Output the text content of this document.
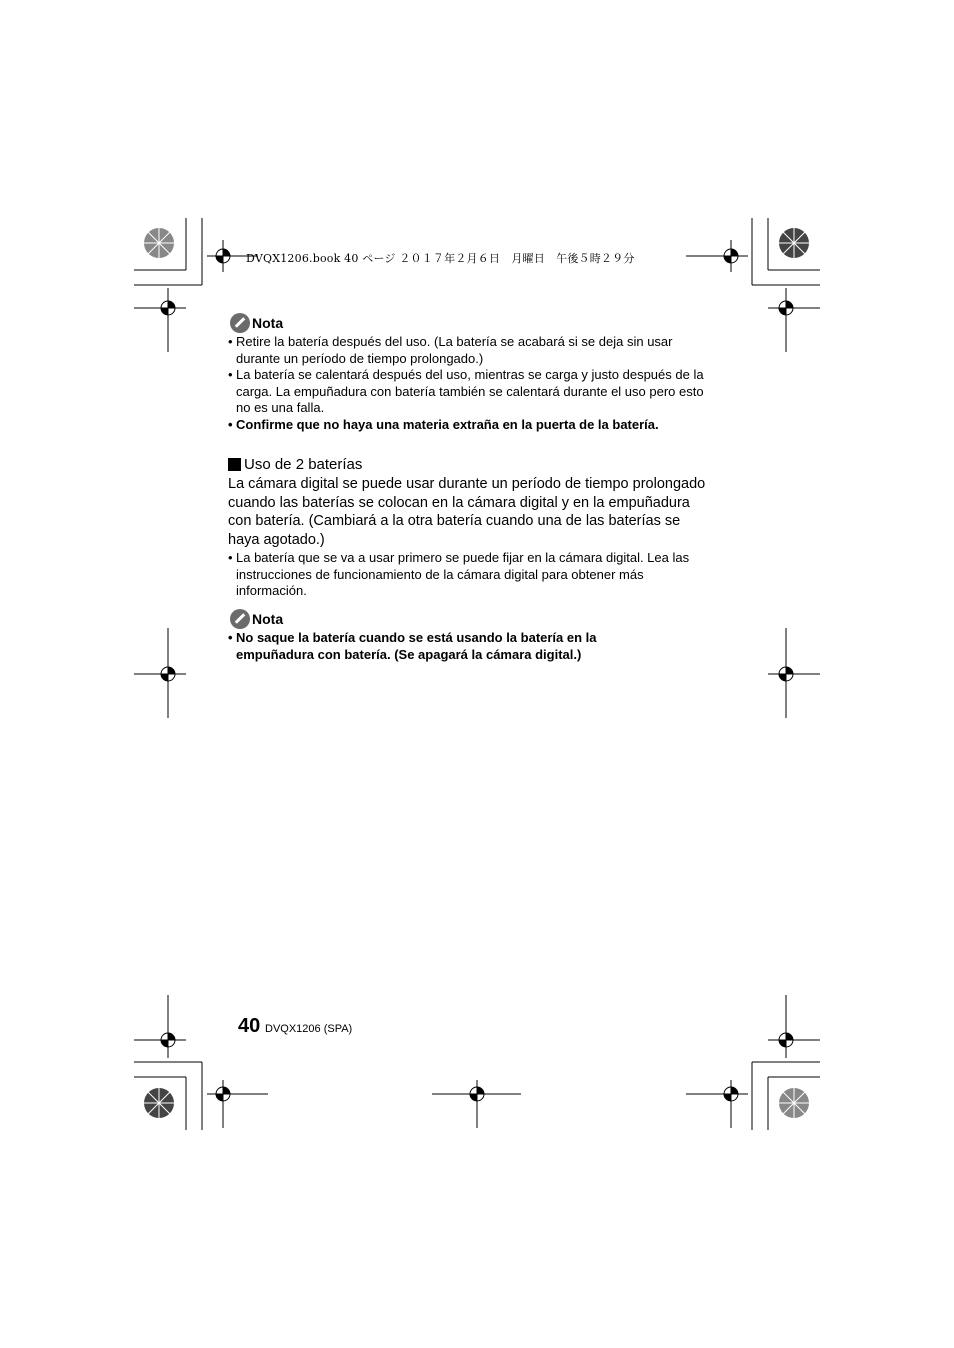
DVQX1206.book 40 ページ ２０１７年２月６日　月曜日　午後５時２９分
Nota
• Retire la batería después del uso. (La batería se acabará si se deja sin usar durante un período de tiempo prolongado.)
• La batería se calentará después del uso, mientras se carga y justo después de la carga. La empuñadura con batería también se calentará durante el uso pero esto no es una falla.
• Confirme que no haya una materia extraña en la puerta de la batería.
Uso de 2 baterías
La cámara digital se puede usar durante un período de tiempo prolongado cuando las baterías se colocan en la cámara digital y en la empuñadura con batería. (Cambiará a la otra batería cuando una de las baterías se haya agotado.)
• La batería que se va a usar primero se puede fijar en la cámara digital. Lea las instrucciones de funcionamiento de la cámara digital para obtener más información.
Nota
• No saque la batería cuando se está usando la batería en la empuñadura con batería. (Se apagará la cámara digital.)
40 DVQX1206 (SPA)
